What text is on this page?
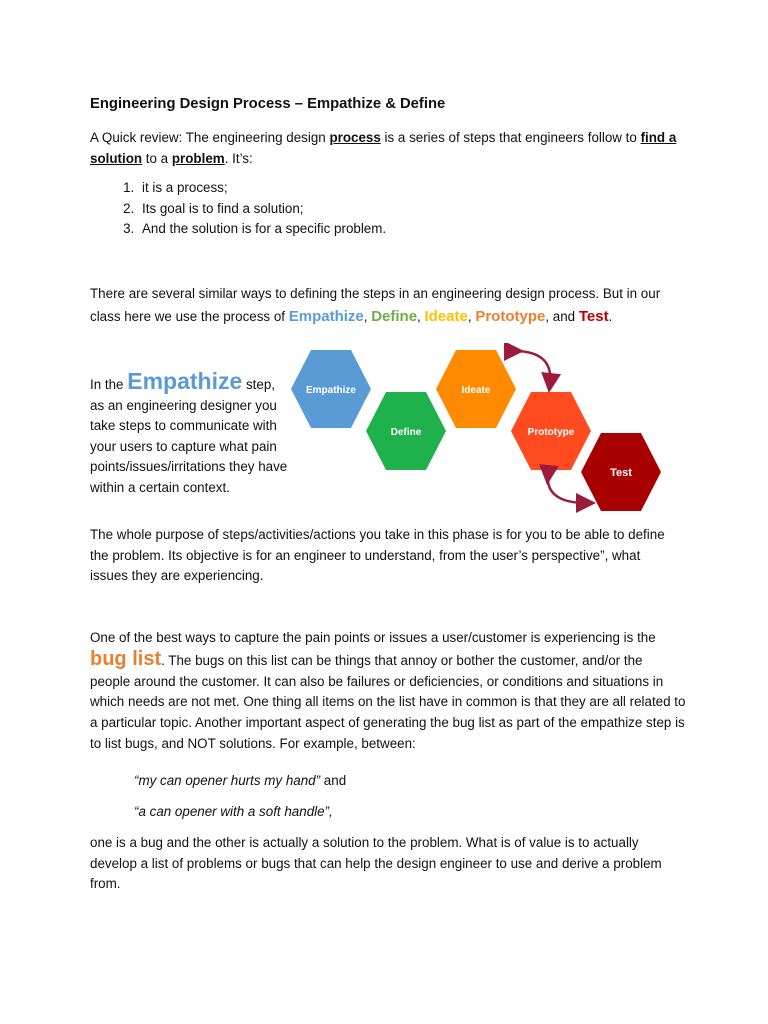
Engineering Design Process – Empathize & Define
A Quick review: The engineering design process is a series of steps that engineers follow to find a solution to a problem. It’s:
1. it is a process;
2. Its goal is to find a solution;
3. And the solution is for a specific problem.
There are several similar ways to defining the steps in an engineering design process. But in our class here we use the process of Empathize, Define, Ideate, Prototype, and Test.
In the Empathize step, as an engineering designer you take steps to communicate with your users to capture what pain points/issues/irritations they have within a certain context.
Empathize
Define
Ideate
Prototype
Test
The whole purpose of steps/activities/actions you take in this phase is for you to be able to define the problem. Its objective is for an engineer to understand, from the user’s perspective”, what issues they are experiencing.
One of the best ways to capture the pain points or issues a user/customer is experiencing is the bug list. The bugs on this list can be things that annoy or bother the customer, and/or the people around the customer. It can also be failures or deficiencies, or conditions and situations in which needs are not met. One thing all items on the list have in common is that they are all related to a particular topic. Another important aspect of generating the bug list as part of the empathize step is to list bugs, and NOT solutions. For example, between:
“my can opener hurts my hand” and
“a can opener with a soft handle”,
one is a bug and the other is actually a solution to the problem. What is of value is to actually develop a list of problems or bugs that can help the design engineer to use and derive a problem from.
